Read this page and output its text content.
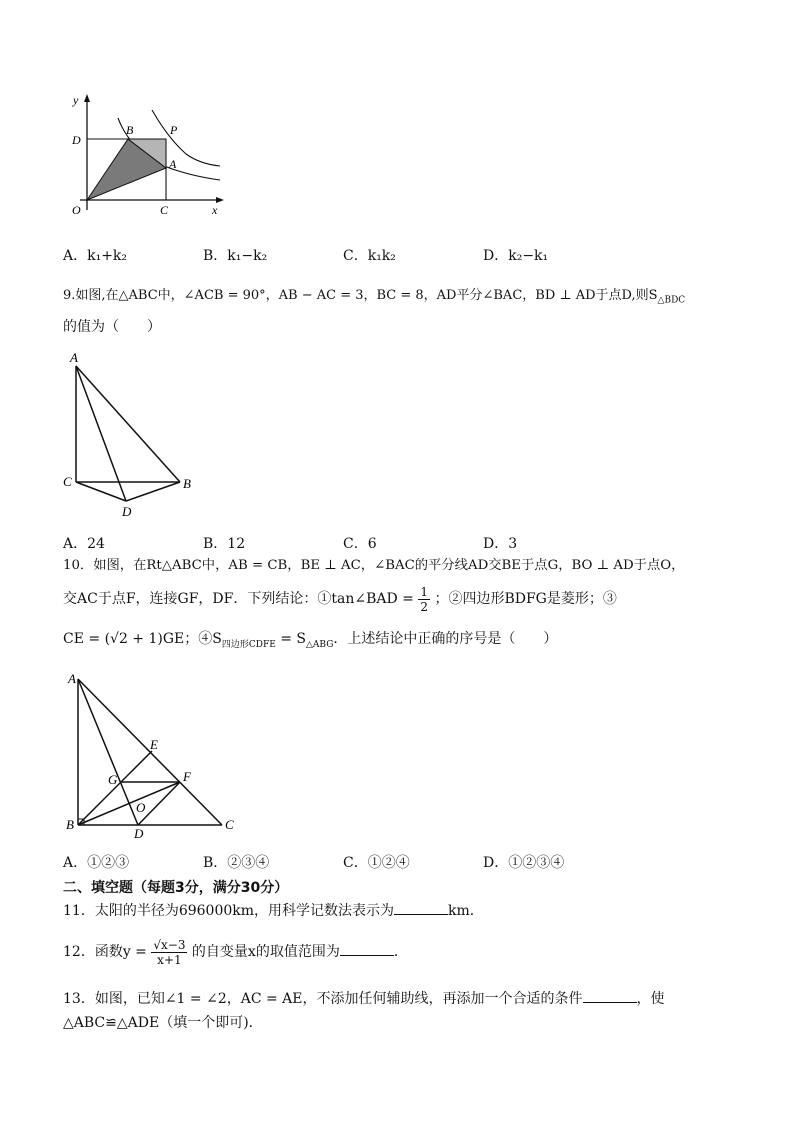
y
x
D
B	P
A
O	C
A．k₁+k₂	B．k₁−k₂	C．k₁k₂	D．k₂−k₁
9.如图,在△ABC中，∠ACB = 90°，AB − AC = 3，BC = 8，AD平分∠BAC，BD ⊥ AD于点D,则$S_{\triangle BDC}$
的值为（　　）
A
C	B
D
A．24	B．12	C．6	D．3
10．如图，在Rt△ABC中，AB = CB，BE ⊥ AC，∠BAC的平分线AD交BE于点G，BO ⊥ AD于点O，
交AC于点F，连接GF，DF．下列结论：①tan∠BAD = $\frac{1}{2}$ ；②四边形BDFG是菱形；③
CE = (√2 + 1)GE；$④S_{四边形CDFE} = S_{\triangle ABG}$．上述结论中正确的序号是（　　）
A
E
G	F
O
B
D
C
A．①②③	B．②③④	C．①②④	D．①②③④
二、填空题（每题3分，满分30分）
11．太阳的半径为696000km，用科学记数法表示为	km．
12．函数$y = \frac{√x-3}{x+1}$ 的自变量x的取值范围为	．
13．如图，已知∠1 = ∠2，AC = AE，不添加任何辅助线，再添加一个合适的条件	，使
△ABC≌△ADE（填一个即可)．
